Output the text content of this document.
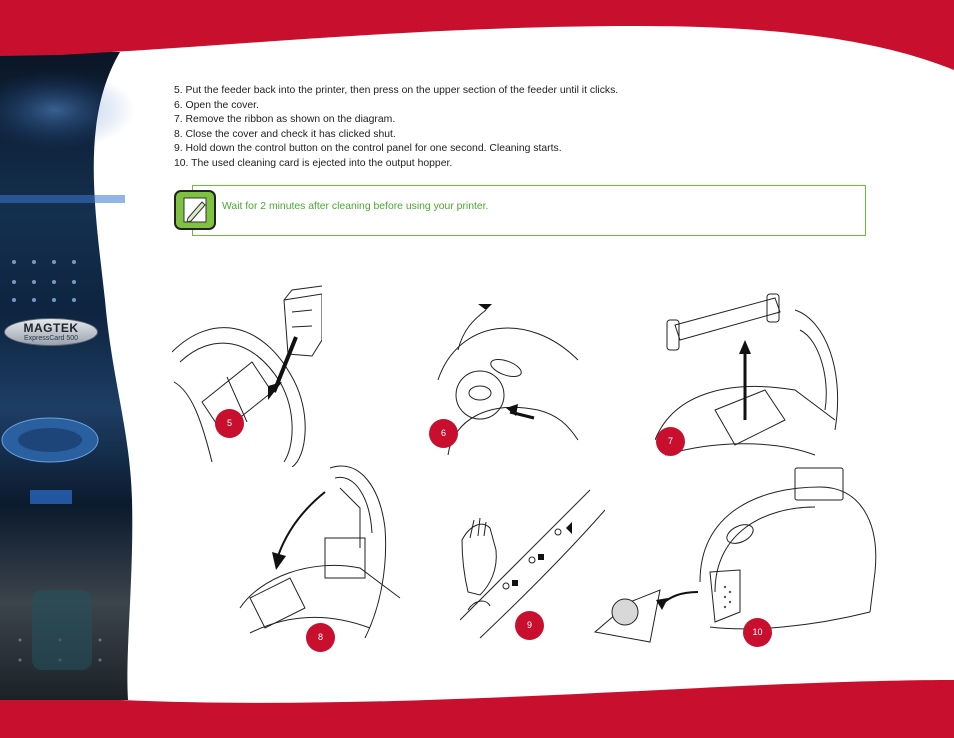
MAGTEK
ExpressCard 500
5. Put the feeder back into the printer, then press on the upper section of the feeder until it clicks.
6. Open the cover.
7. Remove the ribbon as shown on the diagram.
8. Close the cover and check it has clicked shut.
9. Hold down the control button on the control panel for one second. Cleaning starts.
10. The used cleaning card is ejected into the output hopper.
Wait for 2 minutes after cleaning before using your printer.
5
6
7
8
9
10
